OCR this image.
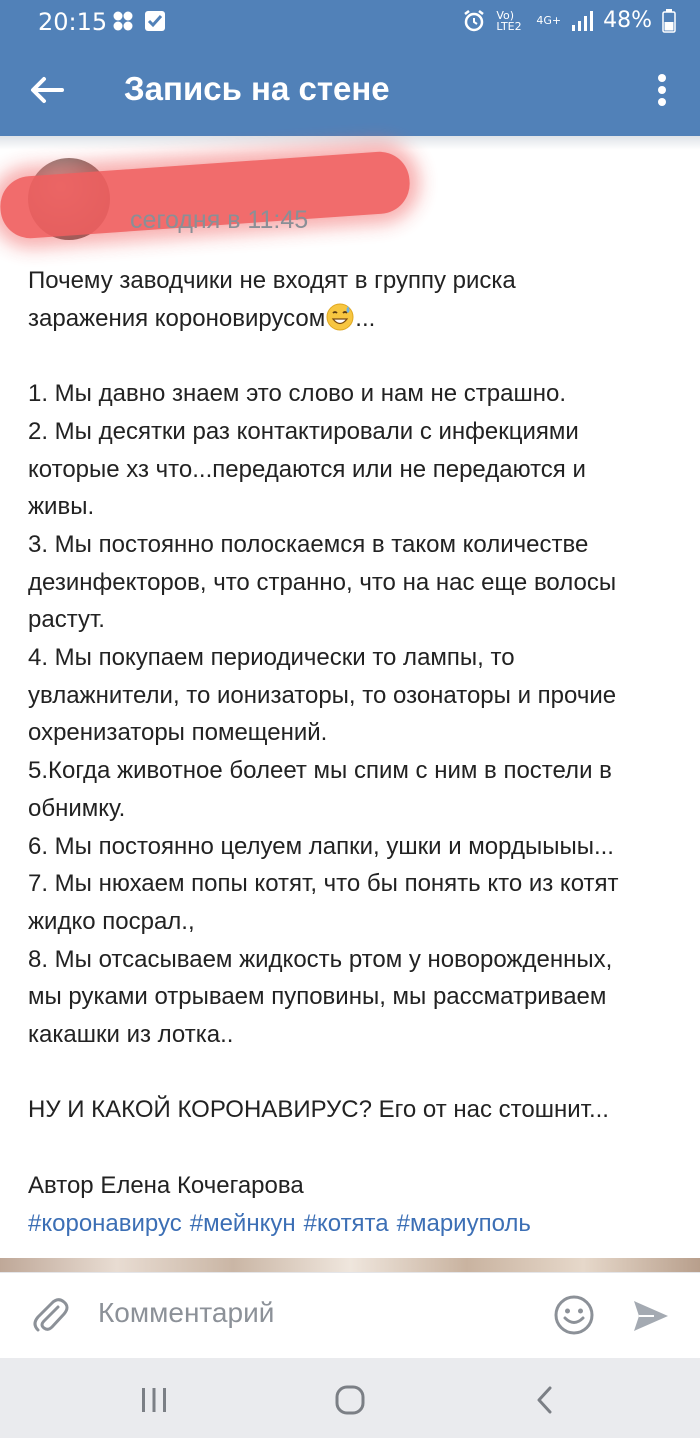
20:15	Vo) LTE2	4G+ 48%
Запись на стене
сегодня в 11:45
Почему заводчики не входят в группу риска
заражения короновирусом ...
1. Мы давно знаем это слово и нам не страшно.
2. Мы десятки раз контактировали с инфекциями
которые хз что...передаются или не передаются и
живы.
3. Мы постоянно полоскаемся в таком количестве
дезинфекторов, что странно, что на нас еще волосы
растут.
4. Мы покупаем периодически то лампы, то
увлажнители, то ионизаторы, то озонаторы и прочие
охренизаторы помещений.
5.Когда животное болеет мы спим с ним в постели в
обнимку.
6. Мы постоянно целуем лапки, ушки и мордыыыы...
7. Мы нюхаем попы котят, что бы понять кто из котят
жидко посрал.,
8. Мы отсасываем жидкость ртом у новорожденных,
мы руками отрываем пуповины, мы рассматриваем
какашки из лотка..
НУ И КАКОЙ КОРОНАВИРУС? Его от нас стошнит...
Автор Елена Кочегарова
#коронавирус #мейнкун #котята #мариуполь
Комментарий
